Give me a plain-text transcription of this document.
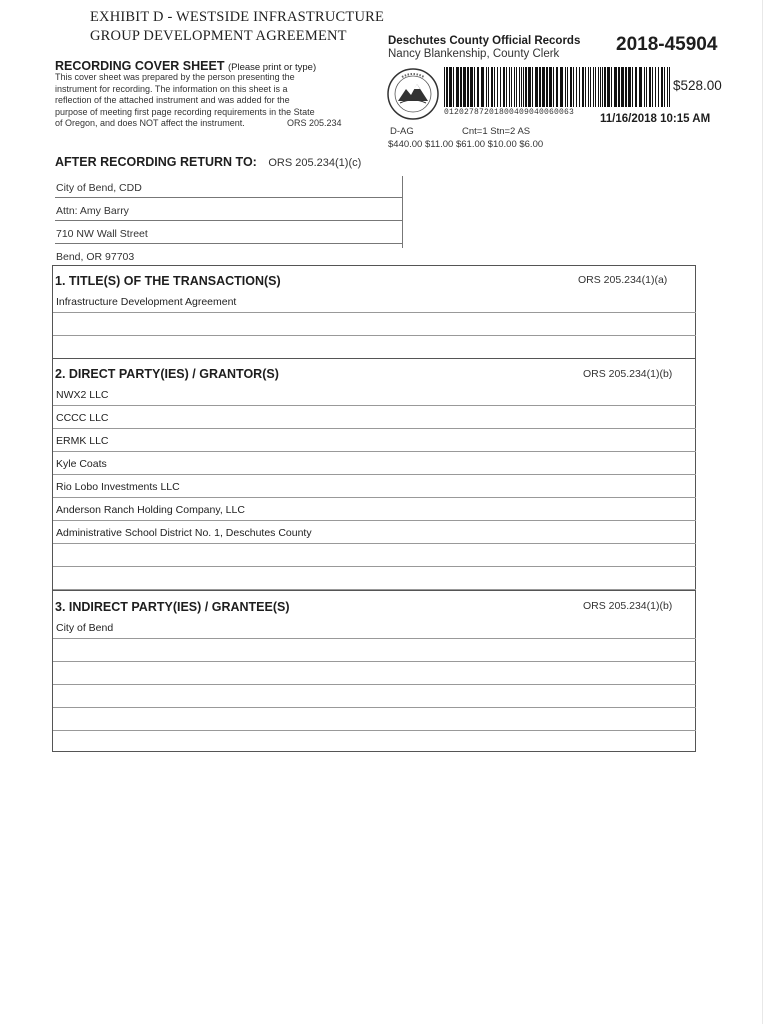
EXHIBIT D - WESTSIDE INFRASTRUCTURE
GROUP DEVELOPMENT AGREEMENT
RECORDING COVER SHEET (Please print or type)
This cover sheet was prepared by the person presenting the
instrument for recording. The information on this sheet is a
reflection of the attached instrument and was added for the
purpose of meeting first page recording requirements in the State
of Oregon, and does NOT affect the instrument.	ORS 205.234
Deschutes County Official Records
Nancy Blankenship, County Clerk	2018-45904
01202787201800409040060063
$528.00
11/16/2018 10:15 AM
D-AG	Cnt=1 Stn=2 AS
$440.00 $11.00 $61.00 $10.00 $6.00
AFTER RECORDING RETURN TO: ORS 205.234(1)(c)
City of Bend, CDD
Attn: Amy Barry
710 NW Wall Street
Bend, OR 97703
1. TITLE(S) OF THE TRANSACTION(S)	ORS 205.234(1)(a)
Infrastructure Development Agreement
2. DIRECT PARTY(IES) / GRANTOR(S)	ORS 205.234(1)(b)
NWX2 LLC
CCCC LLC
ERMK LLC
Kyle Coats
Rio Lobo Investments LLC
Anderson Ranch Holding Company, LLC
Administrative School District No. 1, Deschutes County
3. INDIRECT PARTY(IES) / GRANTEE(S)	ORS 205.234(1)(b)
City of Bend
